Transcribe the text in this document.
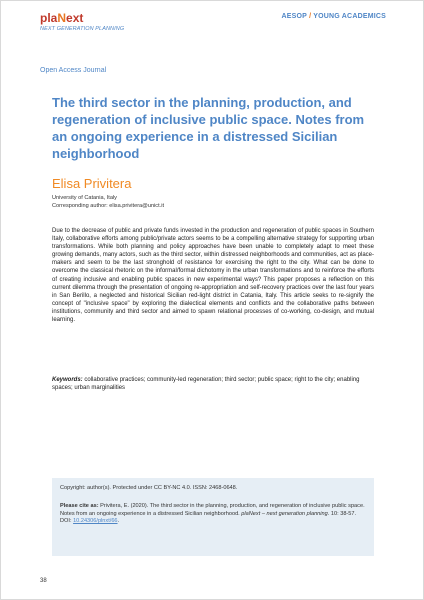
plaNext
NEXT GENERATION PLANNING
AESOP / YOUNG ACADEMICS
Open Access Journal
The third sector in the planning, production, and regeneration of inclusive public space. Notes from an ongoing experience in a distressed Sicilian neighborhood
Elisa Privitera
University of Catania, Italy
Corresponding author: elisa.privitera@unict.it

Due to the decrease of public and private funds invested in the production and regeneration of public spaces in Southern Italy, collaborative efforts among public/private actors seems to be a compelling alternative strategy for supporting urban transformations. While both planning and policy approaches have been unable to completely adapt to meet these growing demands, many actors, such as the third sector, within distressed neighborhoods and communities, act as place-makers and seem to be the last stronghold of resistance for exercising the right to the city. What can be done to overcome the classical rhetoric on the informal/formal dichotomy in the urban transformations and to reinforce the efforts of creating inclusive and enabling public spaces in new experimental ways? This paper proposes a reflection on this current dilemma through the presentation of ongoing re-appropriation and self-recovery practices over the last four years in San Berillo, a neglected and historical Sicilian red-light district in Catania, Italy. This article seeks to re-signify the concept of "inclusive space" by exploring the dialectical elements and conflicts and the collaborative paths between institutions, community and third sector and aimed to spawn relational processes of co-working, co-design, and mutual learning.

Keywords: collaborative practices; community-led regeneration; third sector; public space; right to the city; enabling spaces; urban marginalities

Copyright: author(s). Protected under CC BY-NC 4.0. ISSN: 2468-0648.
Please cite as: Privitera, E. (2020). The third sector in the planning, production, and regeneration of inclusive public space. Notes from an ongoing experience in a distressed Sicilian neighborhood. plaNext – next generation planning. 10: 38-57. DOI: 10.24306/plnxt/66.
38
